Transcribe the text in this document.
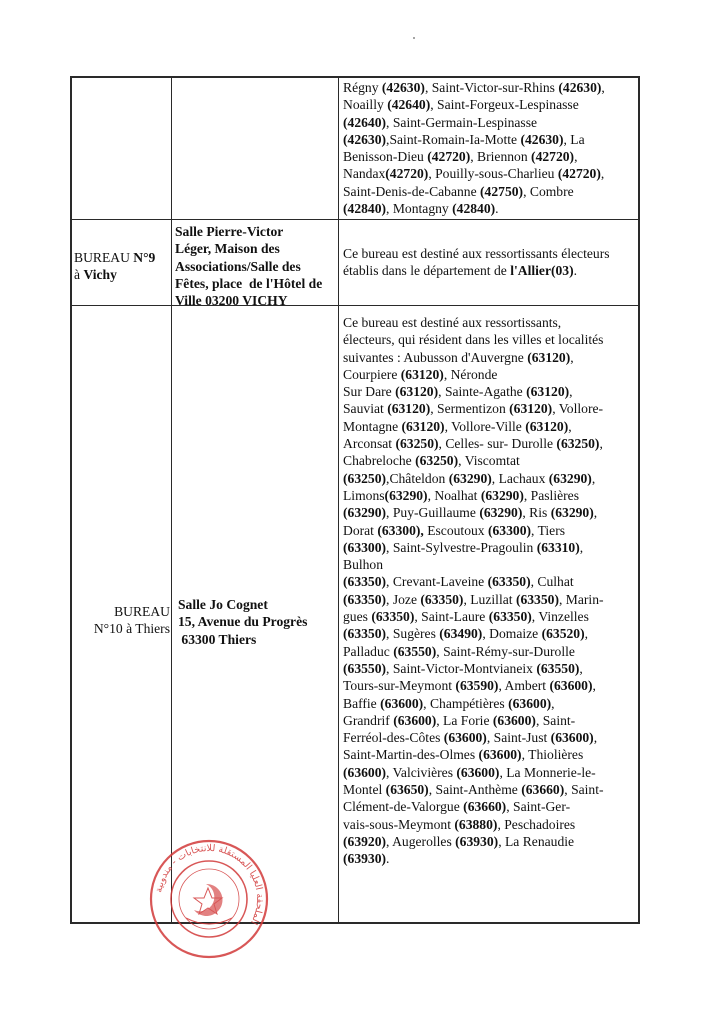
Régny (42630), Saint-Victor-sur-Rhins (42630),
Noailly (42640), Saint-Forgeux-Lespinasse
(42640), Saint-Germain-Lespinasse
(42630),Saint-Romain-Ia-Motte (42630), La
Benisson-Dieu (42720), Briennon (42720),
Nandax(42720), Pouilly-sous-Charlieu (42720),
Saint-Denis-de-Cabanne (42750), Combre
(42840), Montagny (42840).
BUREAU N°9
à Vichy
Salle Pierre-Victor
Léger, Maison des
Associations/Salle des
Fêtes, place  de l'Hôtel de
Ville 03200 VICHY
Ce bureau est destiné aux ressortissants électeurs
établis dans le département de l'Allier(03).
BUREAU
N°10 à Thiers
Salle Jo Cognet
15, Avenue du Progrès
63300 Thiers
Ce bureau est destiné aux ressortissants,
électeurs, qui résident dans les villes et localités
suivantes : Aubusson d'Auvergne (63120),
Courpiere (63120), Néronde
Sur Dare (63120), Sainte-Agathe (63120),
Sauviat (63120), Sermentizon (63120), Vollore-
Montagne (63120), Vollore-Ville (63120),
Arconsat (63250), Celles- sur- Durolle (63250),
Chabreloche (63250), Viscomtat
(63250),Châteldon (63290), Lachaux (63290),
Limons(63290), Noalhat (63290), Paslières
(63290), Puy-Guillaume (63290), Ris (63290),
Dorat (63300), Escoutoux (63300), Tiers
(63300), Saint-Sylvestre-Pragoulin (63310),
Bulhon
(63350), Crevant-Laveine (63350), Culhat
(63350), Joze (63350), Luzillat (63350), Marin-
gues (63350), Saint-Laure (63350), Vinzelles
(63350), Sugères (63490), Domaize (63520),
Palladuc (63550), Saint-Rémy-sur-Durolle
(63550), Saint-Victor-Montvianeix (63550),
Tours-sur-Meymont (63590), Ambert (63600),
Baffie (63600), Champétières (63600),
Grandrif (63600), La Forie (63600), Saint-
Ferréol-des-Côtes (63600), Saint-Just (63600),
Saint-Martin-des-Olmes (63600), Thiolières
(63600), Valcivières (63600), La Monnerie-le-
Montel (63650), Saint-Anthème (63660), Saint-
Clément-de-Valorgue (63660), Saint-Ger-
vais-sous-Meymont (63880), Peschadoires
(63920), Augerolles (63930), La Renaudie
(63930).
الملحقة العليا المستقلة للانتخابات - مندوبية
